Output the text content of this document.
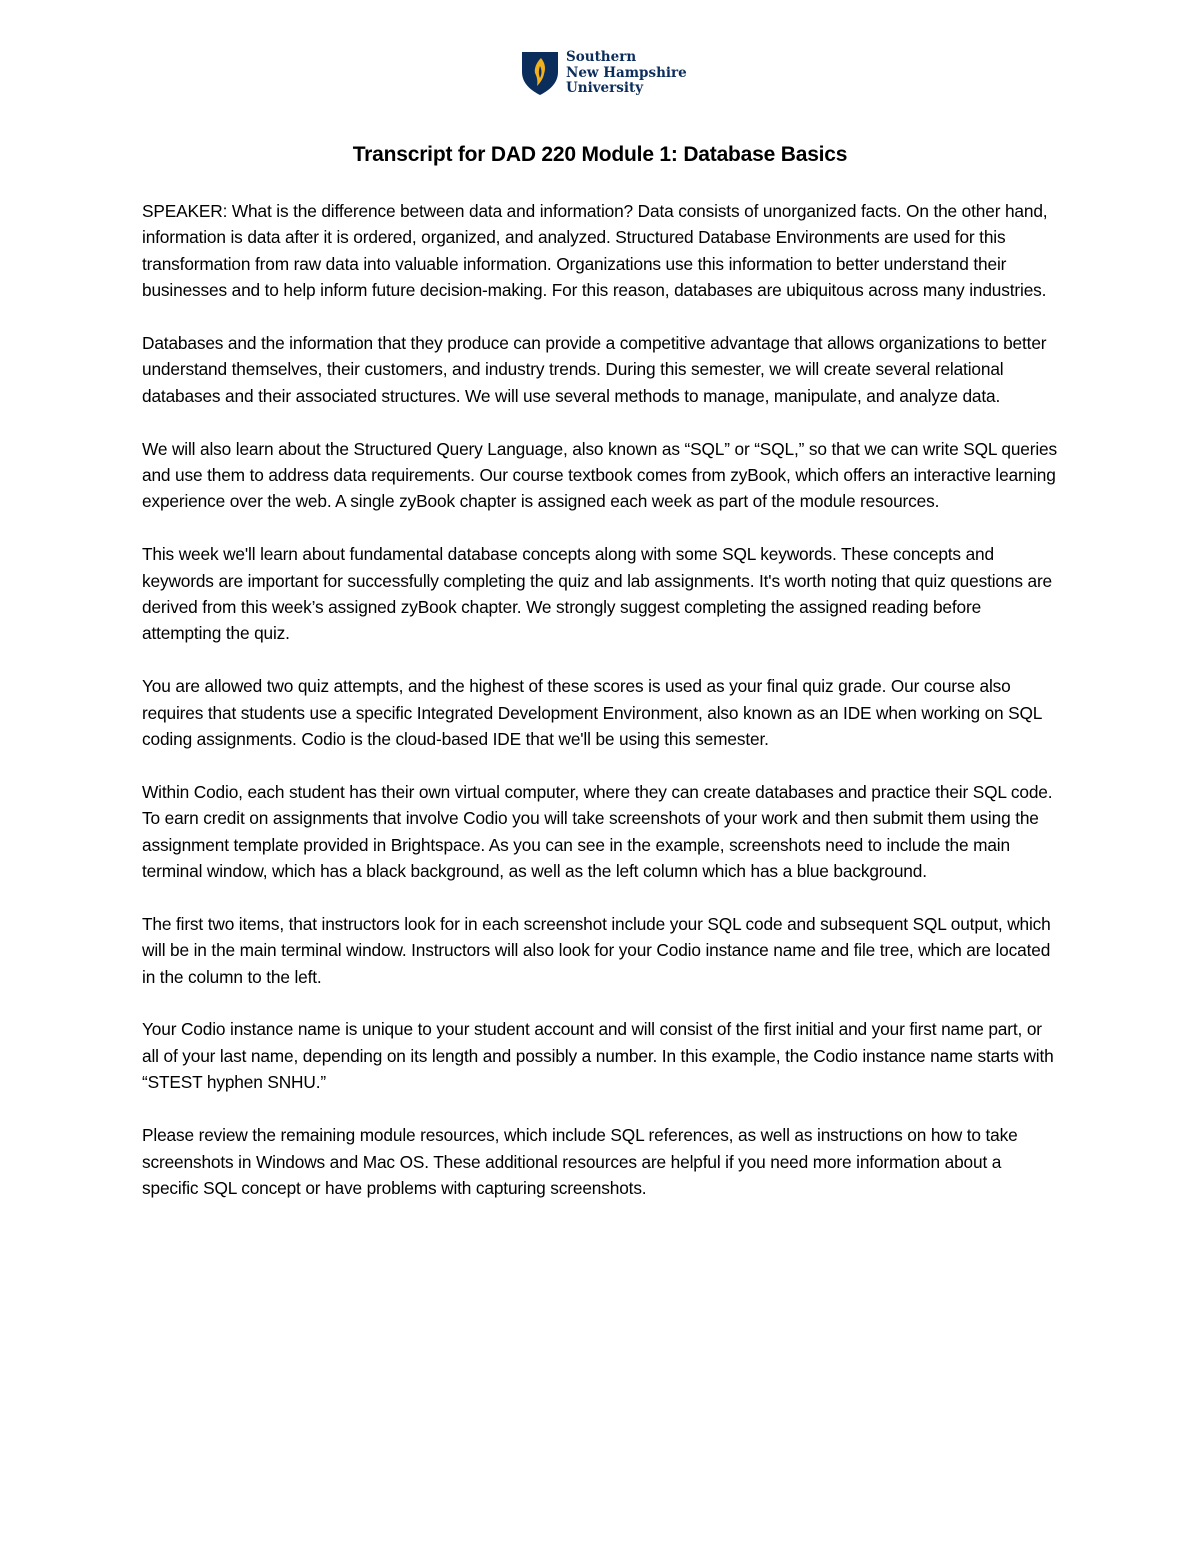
Southern
New Hampshire
University
Transcript for DAD 220 Module 1: Database Basics

SPEAKER: What is the difference between data and information? Data consists of unorganized facts. On the other hand, information is data after it is ordered, organized, and analyzed. Structured Database Environments are used for this transformation from raw data into valuable information. Organizations use this information to better understand their businesses and to help inform future decision-making. For this reason, databases are ubiquitous across many industries.

Databases and the information that they produce can provide a competitive advantage that allows organizations to better understand themselves, their customers, and industry trends. During this semester, we will create several relational databases and their associated structures. We will use several methods to manage, manipulate, and analyze data.

We will also learn about the Structured Query Language, also known as “SQL” or “SQL,” so that we can write SQL queries and use them to address data requirements. Our course textbook comes from zyBook, which offers an interactive learning experience over the web. A single zyBook chapter is assigned each week as part of the module resources.

This week we'll learn about fundamental database concepts along with some SQL keywords. These concepts and keywords are important for successfully completing the quiz and lab assignments. It's worth noting that quiz questions are derived from this week’s assigned zyBook chapter. We strongly suggest completing the assigned reading before attempting the quiz.

You are allowed two quiz attempts, and the highest of these scores is used as your final quiz grade. Our course also requires that students use a specific Integrated Development Environment, also known as an IDE when working on SQL coding assignments. Codio is the cloud-based IDE that we'll be using this semester.

Within Codio, each student has their own virtual computer, where they can create databases and practice their SQL code. To earn credit on assignments that involve Codio you will take screenshots of your work and then submit them using the assignment template provided in Brightspace. As you can see in the example, screenshots need to include the main terminal window, which has a black background, as well as the left column which has a blue background.

The first two items, that instructors look for in each screenshot include your SQL code and subsequent SQL output, which will be in the main terminal window. Instructors will also look for your Codio instance name and file tree, which are located in the column to the left.

Your Codio instance name is unique to your student account and will consist of the first initial and your first name part, or all of your last name, depending on its length and possibly a number. In this example, the Codio instance name starts with “STEST hyphen SNHU.”

Please review the remaining module resources, which include SQL references, as well as instructions on how to take screenshots in Windows and Mac OS. These additional resources are helpful if you need more information about a specific SQL concept or have problems with capturing screenshots.
